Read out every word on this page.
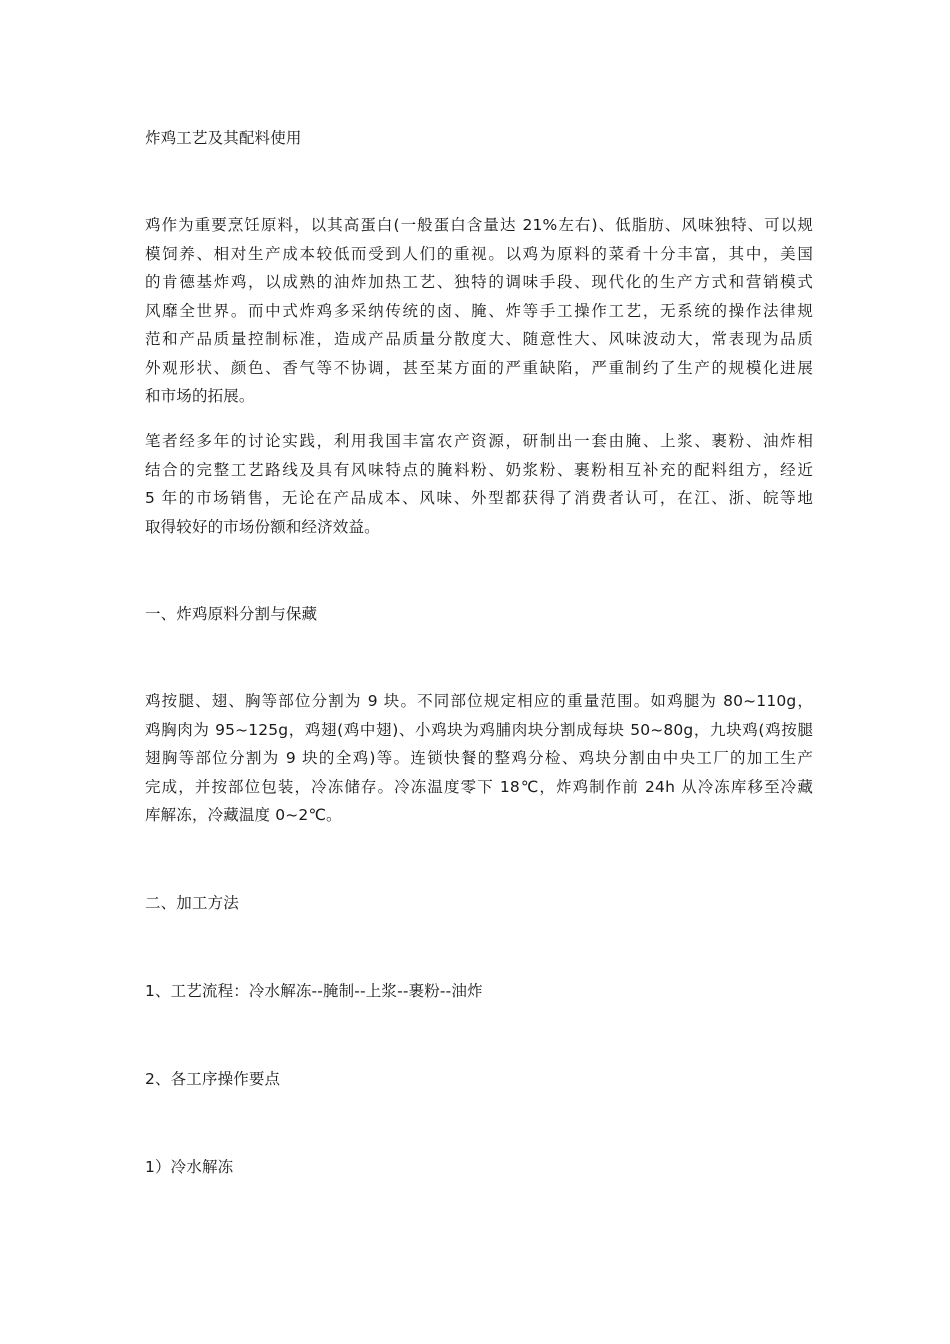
炸鸡工艺及其配料使用

鸡作为重要烹饪原料，以其高蛋白(一般蛋白含量达 21%左右)、低脂肪、风味独特、可以规
模饲养、相对生产成本较低而受到人们的重视。以鸡为原料的菜肴十分丰富，其中，美国
的肯德基炸鸡，以成熟的油炸加热工艺、独特的调味手段、现代化的生产方式和营销模式
风靡全世界。而中式炸鸡多采纳传统的卤、腌、炸等手工操作工艺，无系统的操作法律规
范和产品质量控制标准，造成产品质量分散度大、随意性大、风味波动大，常表现为品质
外观形状、颜色、香气等不协调，甚至某方面的严重缺陷，严重制约了生产的规模化进展
和市场的拓展。
笔者经多年的讨论实践，利用我国丰富农产资源，研制出一套由腌、上浆、裹粉、油炸相
结合的完整工艺路线及具有风味特点的腌料粉、奶浆粉、裹粉相互补充的配料组方，经近
5 年的市场销售，无论在产品成本、风味、外型都获得了消费者认可，在江、浙、皖等地
取得较好的市场份额和经济效益。

一、炸鸡原料分割与保藏

鸡按腿、翅、胸等部位分割为 9 块。不同部位规定相应的重量范围。如鸡腿为 80~110g，
鸡胸肉为 95~125g，鸡翅(鸡中翅)、小鸡块为鸡脯肉块分割成每块 50~80g，九块鸡(鸡按腿
翅胸等部位分割为 9 块的全鸡)等。连锁快餐的整鸡分检、鸡块分割由中央工厂的加工生产
完成，并按部位包装，冷冻储存。冷冻温度零下 18℃，炸鸡制作前 24h 从冷冻库移至冷藏
库解冻，冷藏温度 0~2℃。

二、加工方法

1、工艺流程：冷水解冻--腌制--上浆--裹粉--油炸

2、各工序操作要点

1）冷水解冻
